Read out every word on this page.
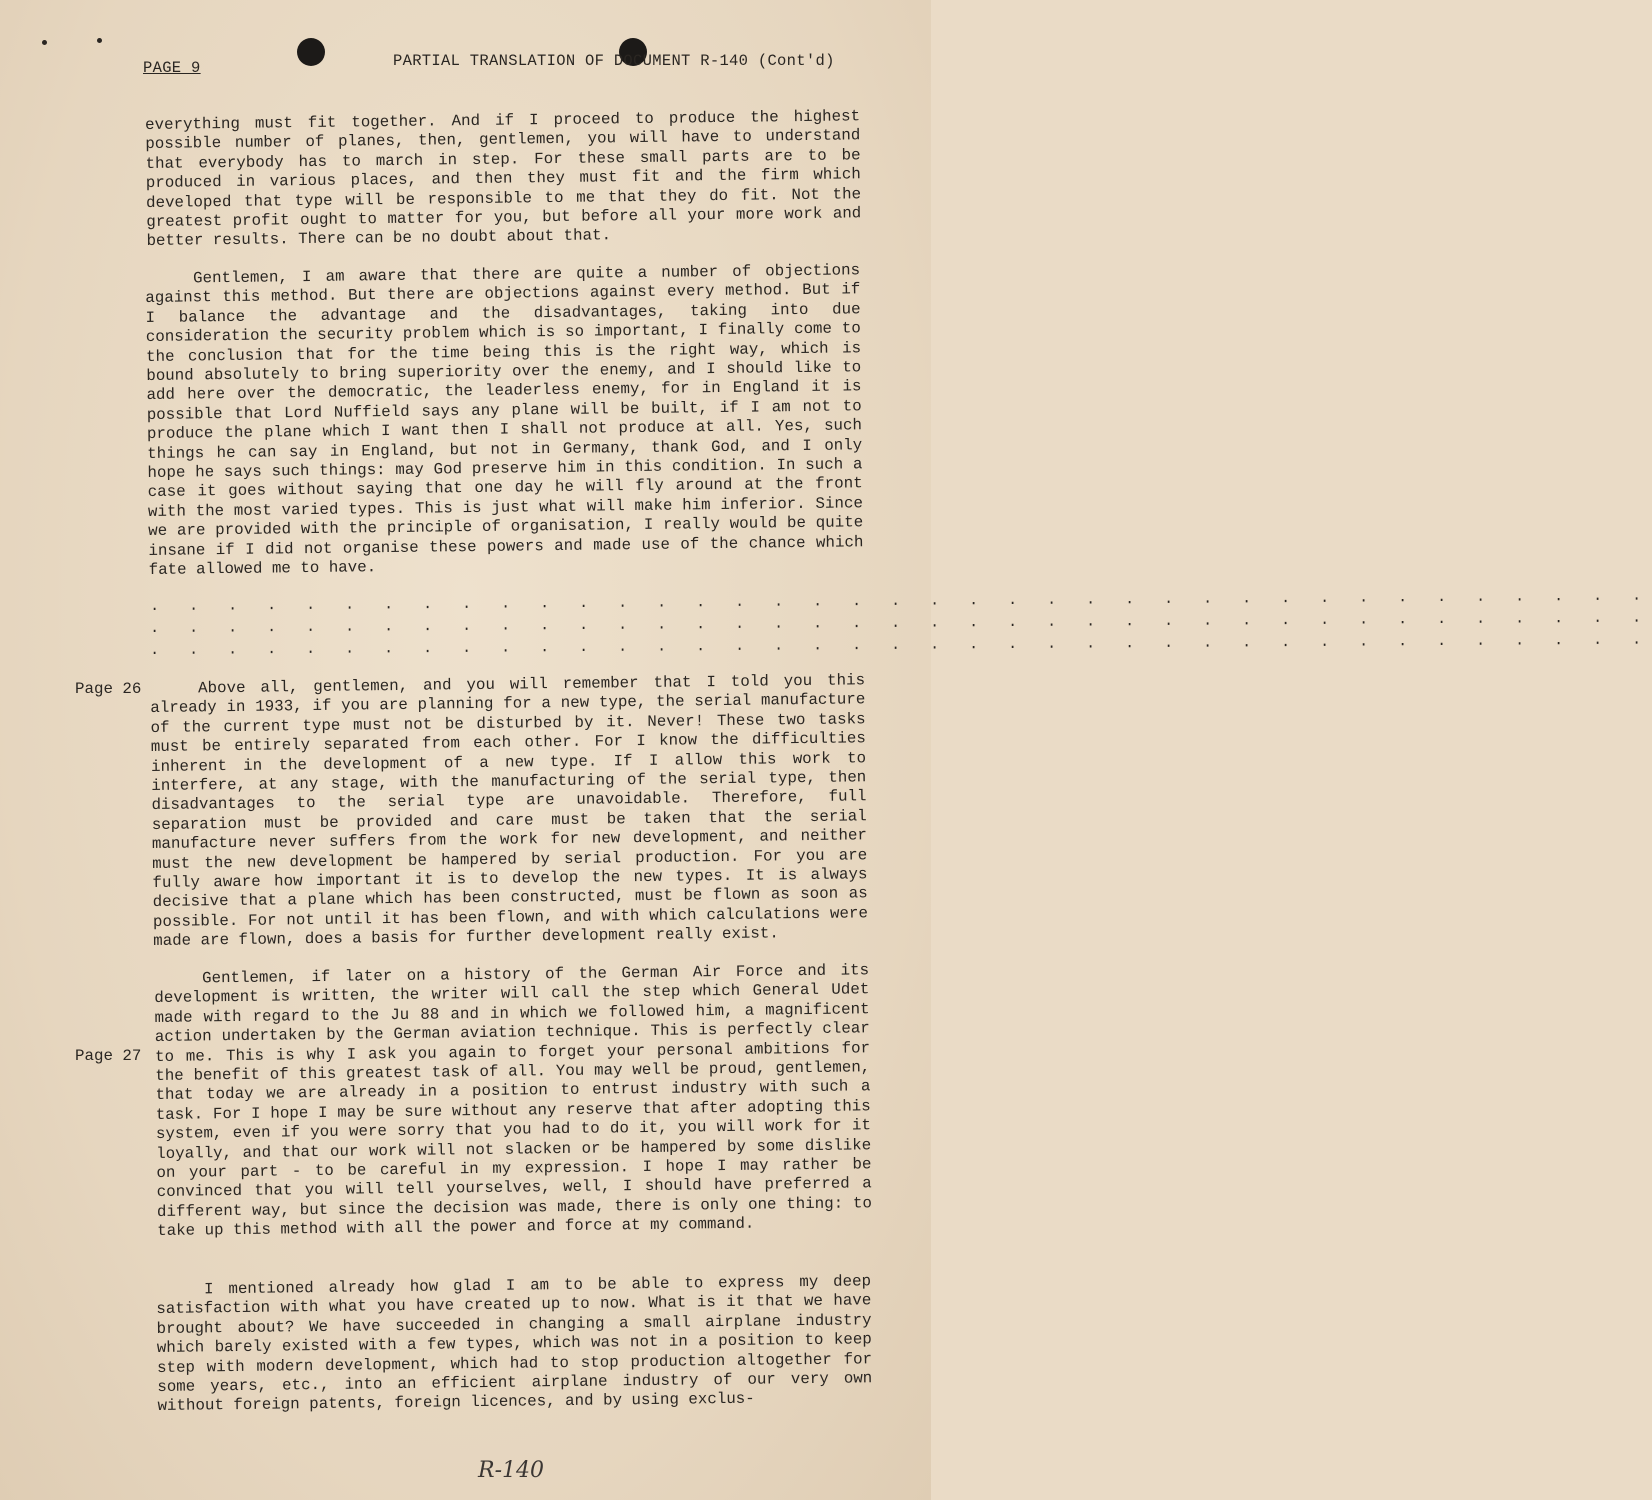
PAGE 9	PARTIAL TRANSLATION OF DOCUMENT R-140 (Cont'd)

everything must fit together. And if I proceed to produce the highest possible number of planes, then, gentlemen, you will have to understand that everybody has to march in step. For these small parts are to be produced in various places, and then they must fit and the firm which developed that type will be responsible to me that they do fit. Not the greatest profit ought to matter for you, but before all your more work and better results. There can be no doubt about that.

Gentlemen, I am aware that there are quite a number of objections against this method. But there are objections against every method. But if I balance the advantage and the disadvantages, taking into due consideration the security problem which is so important, I finally come to the conclusion that for the time being this is the right way, which is bound absolutely to bring superiority over the enemy, and I should like to add here over the democratic, the leaderless enemy, for in England it is possible that Lord Nuffield says any plane will be built, if I am not to produce the plane which I want then I shall not produce at all. Yes, such things he can say in England, but not in Germany, thank God, and I only hope he says such things: may God preserve him in this condition. In such a case it goes without saying that one day he will fly around at the front with the most varied types. This is just what will make him inferior. Since we are provided with the principle of organisation, I really would be quite insane if I did not organise these powers and made use of the chance which fate allowed me to have.

. . . . . . . . . . . . . . . . . . . . . . . . . . . . . . . . . . . . . . .
. . . . . . . . . . . . . . . . . . . . . . . . . . . . . . . . . . . . . . .
. . . . . . . . . . . . . . . . . . . . . . . . . . . . . . . . . . . . . . .
Page 26	Above all, gentlemen, and you will remember that I told you this already in 1933, if you are planning for a new type, the serial manufacture of the current type must not be disturbed by it. Never! These two tasks must be entirely separated from each other. For I know the difficulties inherent in the development of a new type. If I allow this work to interfere, at any stage, with the manufacturing of the serial type, then disadvantages to the serial type are unavoidable. Therefore, full separation must be provided and care must be taken that the serial manufacture never suffers from the work for new development, and neither must the new development be hampered by serial production. For you are fully aware how important it is to develop the new types. It is always decisive that a plane which has been constructed, must be flown as soon as possible. For not until it has been flown, and with which calculations were made are flown, does a basis for further development really exist.

Page 27

Gentlemen, if later on a history of the German Air Force and its development is written, the writer will call the step which General Udet made with regard to the Ju 88 and in which we followed him, a magnificent action undertaken by the German aviation technique. This is perfectly clear to me. This is why I ask you again to forget your personal ambitions for the benefit of this greatest task of all. You may well be proud, gentlemen, that today we are already in a position to entrust industry with such a task. For I hope I may be sure without any reserve that after adopting this system, even if you were sorry that you had to do it, you will work for it loyally, and that our work will not slacken or be hampered by some dislike on your part - to be careful in my expression. I hope I may rather be convinced that you will tell yourselves, well, I should have preferred a different way, but since the decision was made, there is only one thing: to take up this method with all the power and force at my command.

I mentioned already how glad I am to be able to express my deep satisfaction with what you have created up to now. What is it that we have brought about? We have succeeded in changing a small airplane industry which barely existed with a few types, which was not in a position to keep step with modern development, which had to stop production altogether for some years, etc., into an efficient airplane industry of our very own without foreign patents, foreign licences, and by using exclus-

R-140
